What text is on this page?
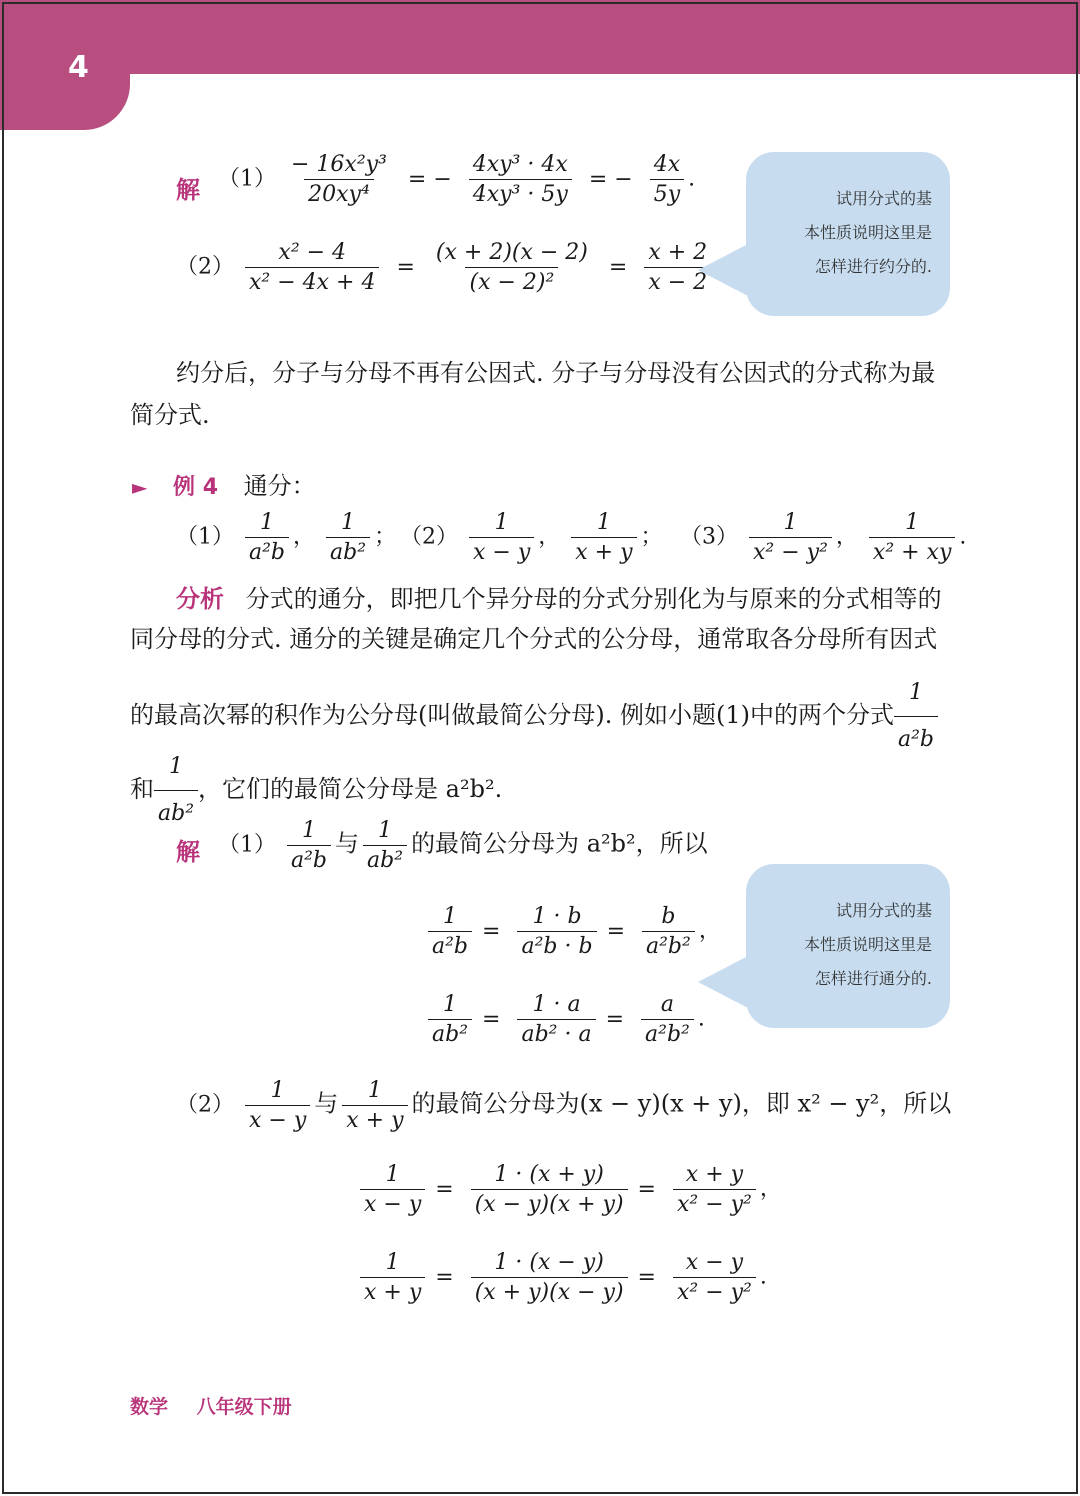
4
解 $(1) \frac{\text{− 16x²y³}}{\text{20xy⁴}}$ = − $\frac{\text{4xy³ · 4x}}{\text{4xy³ · 5y}}$ = − $\frac{4x}{5y}$ .
$(2) \frac{\text{x² − 4}}{\text{x² − 4x + 4}} = \frac{(x + 2)(x - 2)}{\text{(x − 2)²}} = \frac{x + 2}{x - 2}$ .
试用分式的基
本性质说明这里是
怎样进行约分的.
约分后，分子与分母不再有公因式. 分子与分母没有公因式的分式称为最
简分式.
► 例 4 通分：
$(1) \frac{1}{\text{a²b}}$ ， $\frac{1}{\text{ab²}}$ ； $(2) \frac{1}{x - y}$ ， $\frac{1}{x + y}$ ； $(3) \frac{1}{\text{x² − y²}}$ ， $\frac{1}{\text{x² + xy}}$ .
分析 分式的通分，即把几个异分母的分式分别化为与原来的分式相等的
同分母的分式. 通分的关键是确定几个分式的公分母，通常取各分母所有因式
的最高次幂的积作为公分母(叫做最简公分母). 例如小题(1)中的两个分式 $\frac{1}{\text{a²b}}$
和 $\frac{1}{\text{ab²}}$ ，它们的最简公分母是 a²b².
解 $(1) \frac{1}{\text{a²b}}$ 与 $\frac{1}{\text{ab²}}$ 的最简公分母为 a²b²，所以
$\frac{1}{\text{a²b}} = \frac{1 \cdot b}{\text{a²b · b}} = \frac{b}{\text{a²b²}}$ ，
$\frac{1}{\text{ab²}} = \frac{1 \cdot a}{\text{ab² · a}} = \frac{a}{\text{a²b²}}$ .
试用分式的基
本性质说明这里是
怎样进行通分的.
$(2) \frac{1}{x - y}$ 与 $\frac{1}{x + y}$ 的最简公分母为(x − y)(x + y)，即 x² − y²，所以
$\frac{1}{x - y} = \frac{1 \cdot (x + y)}{(x - y)(x + y)} = \frac{x + y}{\text{x² − y²}}$ ，
$\frac{1}{x + y} = \frac{1 \cdot (x - y)}{(x + y)(x - y)} = \frac{x - y}{\text{x² − y²}}$ .
数学 八年级下册
